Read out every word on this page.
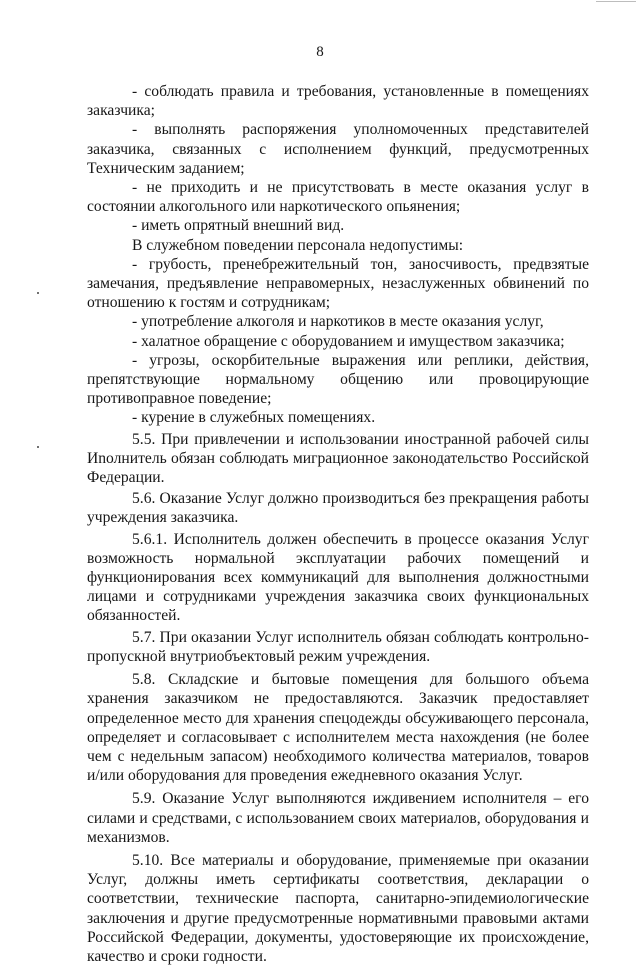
8

- соблюдать правила и требования, установленные в помещениях заказчика;

- выполнять распоряжения уполномоченных представителей заказчика, связанных с исполнением функций, предусмотренных Техническим заданием;

- не приходить и не присутствовать в месте оказания услуг в состоянии алкогольного или наркотического опьянения;

- иметь опрятный внешний вид.

В служебном поведении персонала недопустимы:

- грубость, пренебрежительный тон, заносчивость, предвзятые замечания, предъявление неправомерных, незаслуженных обвинений по отношению к гостям и сотрудникам;

- употребление алкоголя и наркотиков в месте оказания услуг,

- халатное обращение с оборудованием и имуществом заказчика;

- угрозы, оскорбительные выражения или реплики, действия, препятствующие нормальному общению или провоцирующие противоправное поведение;

- курение в служебных помещениях.

5.5. При привлечении и использовании иностранной рабочей силы Иnолнитель обязан соблюдать миграционное законодательство Российской Федерации.

5.6. Оказание Услуг должно производиться без прекращения работы учреждения заказчика.

5.6.1. Исполнитель должен обеспечить в процессе оказания Услуг возможность нормальной эксплуатации рабочих помещений и функционирования всех коммуникаций для выполнения должностными лицами и сотрудниками учреждения заказчика своих функциональных обязанностей.

5.7. При оказании Услуг исполнитель обязан соблюдать контрольно-пропускной внутриобъектовый режим учреждения.

5.8. Складские и бытовые помещения для большого объема хранения заказчиком не предоставляются. Заказчик предоставляет определенное место для хранения спецодежды обсуживающего персонала, определяет и согласовывает с исполнителем места нахождения (не более чем с недельным запасом) необходимого количества материалов, товаров и/или оборудования для проведения ежедневного оказания Услуг.

5.9. Оказание Услуг выполняются иждивением исполнителя – его силами и средствами, с использованием своих материалов, оборудования и механизмов.

5.10. Все материалы и оборудование, применяемые при оказании Услуг, должны иметь сертификаты соответствия, декларации о соответствии, технические паспорта, санитарно-эпидемиологические заключения и другие предусмотренные нормативными правовыми актами Российской Федерации, документы, удостоверяющие их происхождение, качество и сроки годности.
